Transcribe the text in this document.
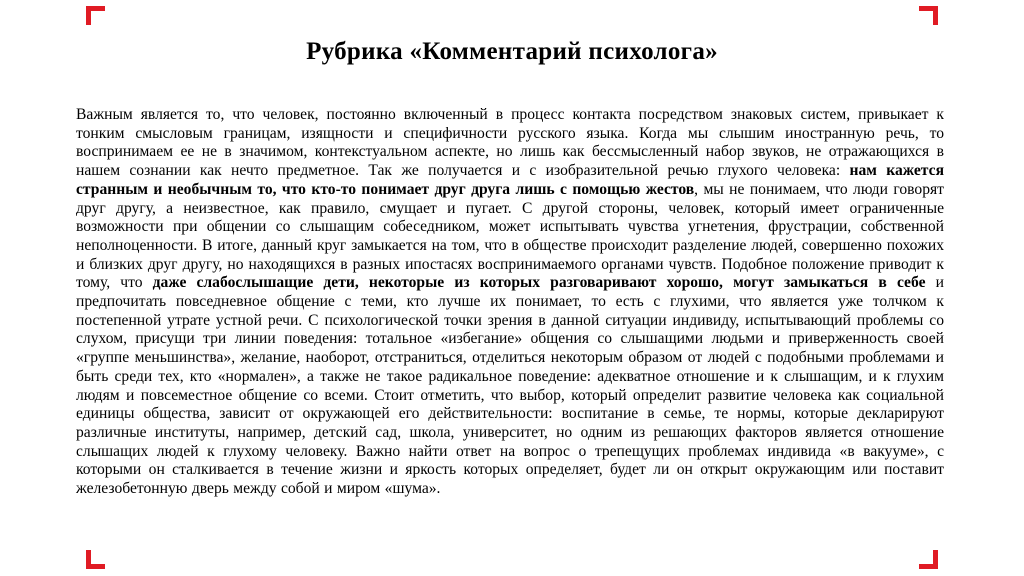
Рубрика «Комментарий психолога»

Важным является то, что человек, постоянно включенный в процесс контакта посредством знаковых систем, привыкает к тонким смысловым границам, изящности и специфичности русского языка. Когда мы слышим иностранную речь, то воспринимаем ее не в значимом, контекстуальном аспекте, но лишь как бессмысленный набор звуков, не отражающихся в нашем сознании как нечто предметное. Так же получается и с изобразительной речью глухого человека: нам кажется странным и необычным то, что кто-то понимает друг друга лишь с помощью жестов, мы не понимаем, что люди говорят друг другу, а неизвестное, как правило, смущает и пугает. С другой стороны, человек, который имеет ограниченные возможности при общении со слышащим собеседником, может испытывать чувства угнетения, фрустрации, собственной неполноценности. В итоге, данный круг замыкается на том, что в обществе происходит разделение людей, совершенно похожих и близких друг другу, но находящихся в разных ипостасях воспринимаемого органами чувств. Подобное положение приводит к тому, что даже слабослышащие дети, некоторые из которых разговаривают хорошо, могут замыкаться в себе и предпочитать повседневное общение с теми, кто лучше их понимает, то есть с глухими, что является уже толчком к постепенной утрате устной речи. С психологической точки зрения в данной ситуации индивиду, испытывающий проблемы со слухом, присущи три линии поведения: тотальное «избегание» общения со слышащими людьми и приверженность своей «группе меньшинства», желание, наоборот, отстраниться, отделиться некоторым образом от людей с подобными проблемами и быть среди тех, кто «нормален», а также не такое радикальное поведение: адекватное отношение и к слышащим, и к глухим людям и повсеместное общение со всеми. Стоит отметить, что выбор, который определит развитие человека как социальной единицы общества, зависит от окружающей его действительности: воспитание в семье, те нормы, которые декларируют различные институты, например, детский сад, школа, университет, но одним из решающих факторов является отношение слышащих людей к глухому человеку. Важно найти ответ на вопрос о трепещущих проблемах индивида «в вакууме», с которыми он сталкивается в течение жизни и яркость которых определяет, будет ли он открыт окружающим или поставит железобетонную дверь между собой и миром «шума».
